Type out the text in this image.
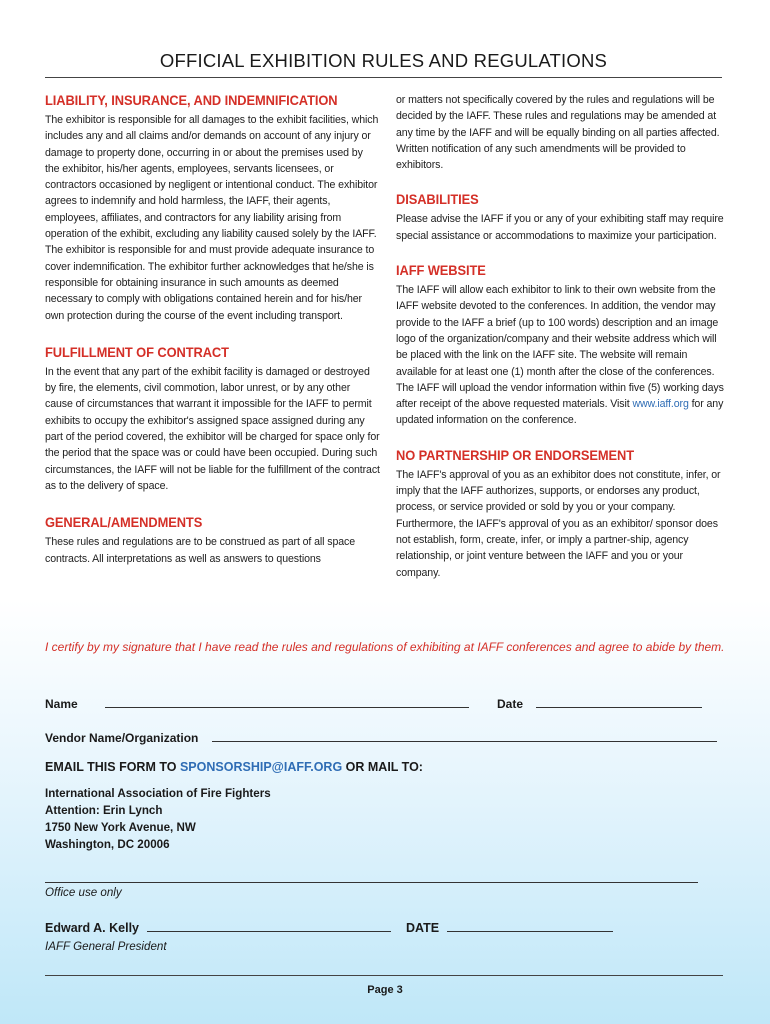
OFFICIAL EXHIBITION RULES AND REGULATIONS
LIABILITY, INSURANCE, AND INDEMNIFICATION

The exhibitor is responsible for all damages to the exhibit facilities, which includes any and all claims and/or demands on account of any injury or damage to property done, occurring in or about the premises used by the exhibitor, his/her agents, employees, servants licensees, or contractors occasioned by negligent or intentional conduct. The exhibitor agrees to indemnify and hold harmless, the IAFF, their agents, employees, affiliates, and contractors for any liability arising from operation of the exhibit, excluding any liability caused solely by the IAFF. The exhibitor is responsible for and must provide adequate insurance to cover indemnification. The exhibitor further acknowledges that he/she is responsible for obtaining insurance in such amounts as deemed necessary to comply with obligations contained herein and for his/her own protection during the course of the event including transport.

FULFILLMENT OF CONTRACT

In the event that any part of the exhibit facility is damaged or destroyed by fire, the elements, civil commotion, labor unrest, or by any other cause of circumstances that warrant it impossible for the IAFF to permit exhibits to occupy the exhibitor's assigned space assigned during any part of the period covered, the exhibitor will be charged for space only for the period that the space was or could have been occupied. During such circumstances, the IAFF will not be liable for the fulfillment of the contract as to the delivery of space.

GENERAL/AMENDMENTS

These rules and regulations are to be construed as part of all space contracts. All interpretations as well as answers to questions

or matters not specifically covered by the rules and regulations will be decided by the IAFF. These rules and regulations may be amended at any time by the IAFF and will be equally binding on all parties affected. Written notification of any such amendments will be provided to exhibitors.

DISABILITIES

Please advise the IAFF if you or any of your exhibiting staff may require special assistance or accommodations to maximize your participation.

IAFF WEBSITE

The IAFF will allow each exhibitor to link to their own website from the IAFF website devoted to the conferences. In addition, the vendor may provide to the IAFF a brief (up to 100 words) description and an image logo of the organization/company and their website address which will be placed with the link on the IAFF site. The website will remain available for at least one (1) month after the close of the conferences. The IAFF will upload the vendor information within five (5) working days after receipt of the above requested materials. Visit www.iaff.org for any updated information on the conference.

NO PARTNERSHIP OR ENDORSEMENT

The IAFF's approval of you as an exhibitor does not constitute, infer, or imply that the IAFF authorizes, supports, or endorses any product, process, or service provided or sold by you or your company. Furthermore, the IAFF's approval of you as an exhibitor/ sponsor does not establish, form, create, infer, or imply a partner-ship, agency relationship, or joint venture between the IAFF and you or your company.

I certify by my signature that I have read the rules and regulations of exhibiting at IAFF conferences and agree to abide by them.
Name	Date
Vendor Name/Organization
EMAIL THIS FORM TO SPONSORSHIP@IAFF.ORG OR MAIL TO:
International Association of Fire Fighters
Attention: Erin Lynch
1750 New York Avenue, NW
Washington, DC 20006
Office use only
Edward A. Kelly	DATE
IAFF General President
Page 3
